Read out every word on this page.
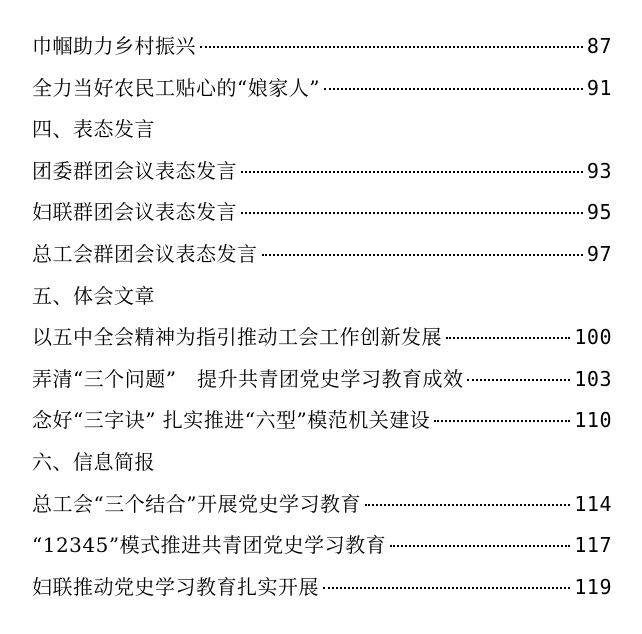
巾帼助力乡村振兴	87
全力当好农民工贴心的“娘家人”	91
四、表态发言
团委群团会议表态发言	93
妇联群团会议表态发言	95
总工会群团会议表态发言	97
五、体会文章
以五中全会精神为指引推动工会工作创新发展	100
弄清“三个问题”　提升共青团党史学习教育成效	103
念好“三字诀” 扎实推进“六型”模范机关建设	110
六、信息简报
总工会“三个结合”开展党史学习教育	114
“12345”模式推进共青团党史学习教育	117
妇联推动党史学习教育扎实开展	119
